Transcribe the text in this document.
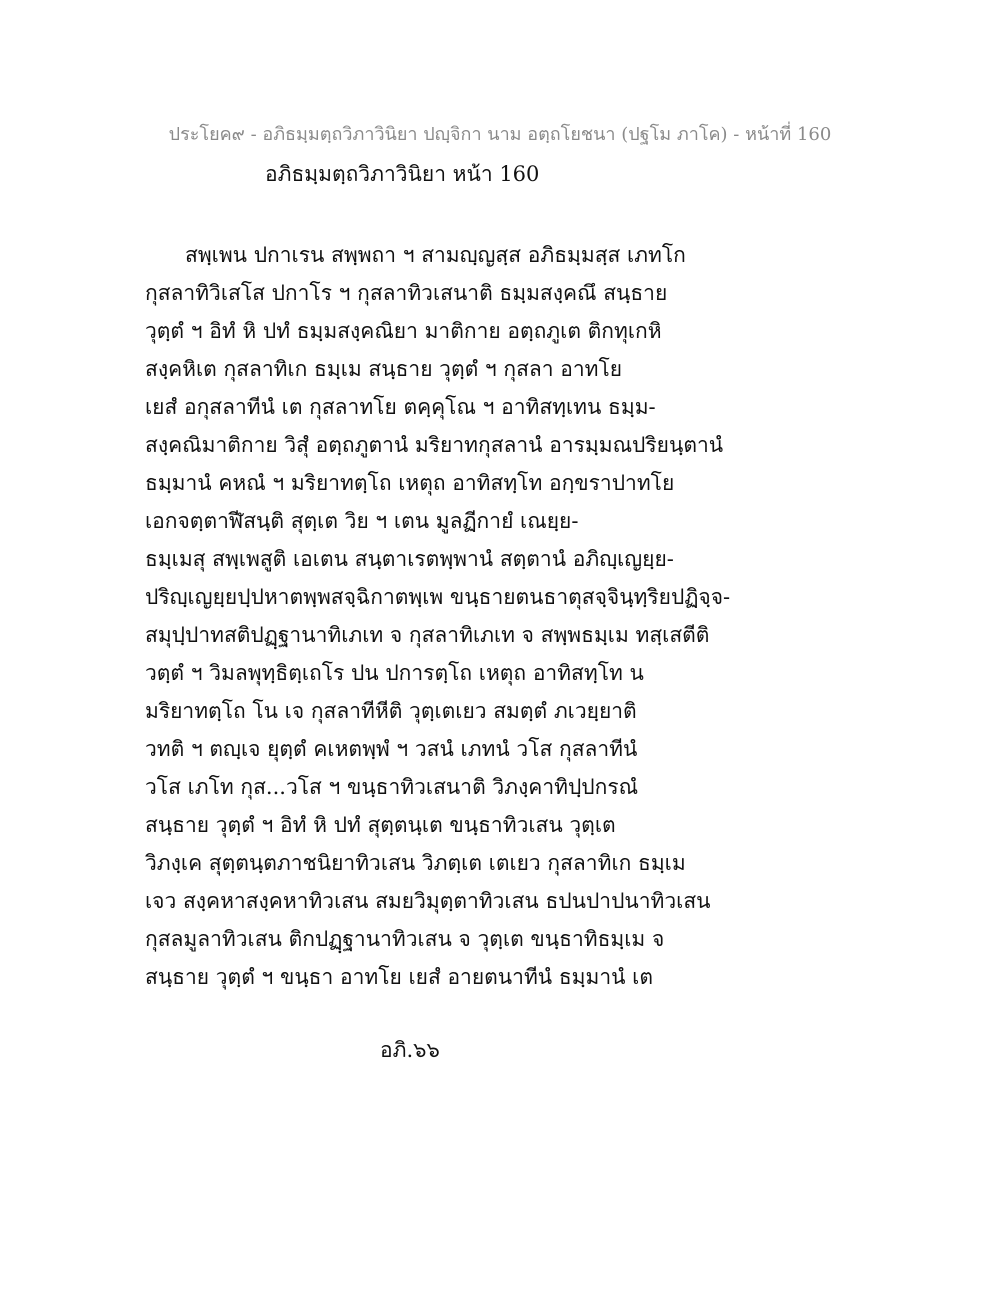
ประโยค๙ - อภิธมฺมตฺถวิภาวินิยา ปญฺจิกา นาม อตฺถโยชนา (ปฐโม ภาโค) - หน้าที่ 160
อภิธมฺมตฺถวิภาวินิยา หน้า 160
สพฺเพน ปกาเรน สพฺพถา ฯ สามญฺญสฺส อภิธมฺมสฺส เภทโก
กุสลาทิวิเสโส ปกาโร ฯ กุสลาทิวเสนาติ ธมฺมสงฺคณึ สนฺธาย
วุตฺตํ ฯ อิทํ หิ ปทํ ธมฺมสงฺคณิยา มาติกาย อตฺถภูเต ติกทุเกหิ
สงฺคหิเต กุสลาทิเก ธมฺเม สนฺธาย วุตฺตํ ฯ กุสลา อาทโย
เยสํ อกุสลาทีนํ เต กุสลาทโย ตคฺคุโณ ฯ อาทิสทฺเทน ธมฺม-
สงฺคณิมาติกาย วิสุํ อตฺถภูตานํ มริยาทกุสลานํ อารมฺมณปริยนฺตานํ
ธมฺมานํ คหณํ ฯ มริยาทตฺโถ เหตุถ อาทิสทฺโท อกฺขราปาทโย
เอกจตฺตาฬีสนฺติ สุตฺเต วิย ฯ เตน มูลฏีกายํ เณยฺย-
ธมฺเมสุ สพฺเพสูติ เอเตน สนฺตาเรตพฺพานํ สตฺตานํ อภิญฺเญยฺย-
ปริญฺเญยฺยปฺปหาตพฺพสจฺฉิกาตพฺเพ ขนฺธายตนธาตุสจฺจินฺทฺริยปฏิจฺจ-
สมุปฺปาทสติปฏฺฐานาทิเภเท จ กุสลาทิเภเท จ สพฺพธมฺเม ทสฺเสตีติ
วตฺตํ ฯ วิมลพุทฺธิตฺเถโร ปน ปการตฺโถ เหตุถ อาทิสทฺโท น
มริยาทตฺโถ โน เจ กุสลาทีหีติ วุตฺเตเยว สมตฺตํ ภเวยฺยาติ
วทติ ฯ ตญฺเจ ยุตฺตํ คเหตพฺพํ ฯ วสนํ เภทนํ วโส กุสลาทีนํ
วโส เภโท กุส...วโส ฯ ขนฺธาทิวเสนาติ วิภงฺคาทิปฺปกรณํ
สนฺธาย วุตฺตํ ฯ อิทํ หิ ปทํ สุตฺตนฺเต ขนฺธาทิวเสน วุตฺเต
วิภงฺเค สุตฺตนฺตภาชนิยาทิวเสน วิภตฺเต เตเยว กุสลาทิเก ธมฺเม
เจว สงฺคหาสงฺคหาทิวเสน สมยวิมุตฺตาทิวเสน ธปนปาปนาทิวเสน
กุสลมูลาทิวเสน ติกปฏฺฐานาทิวเสน จ วุตฺเต ขนฺธาทิธมฺเม จ
สนฺธาย วุตฺตํ ฯ ขนฺธา อาทโย เยสํ อายตนาทีนํ ธมฺมานํ เต
อภิ.๖๖
